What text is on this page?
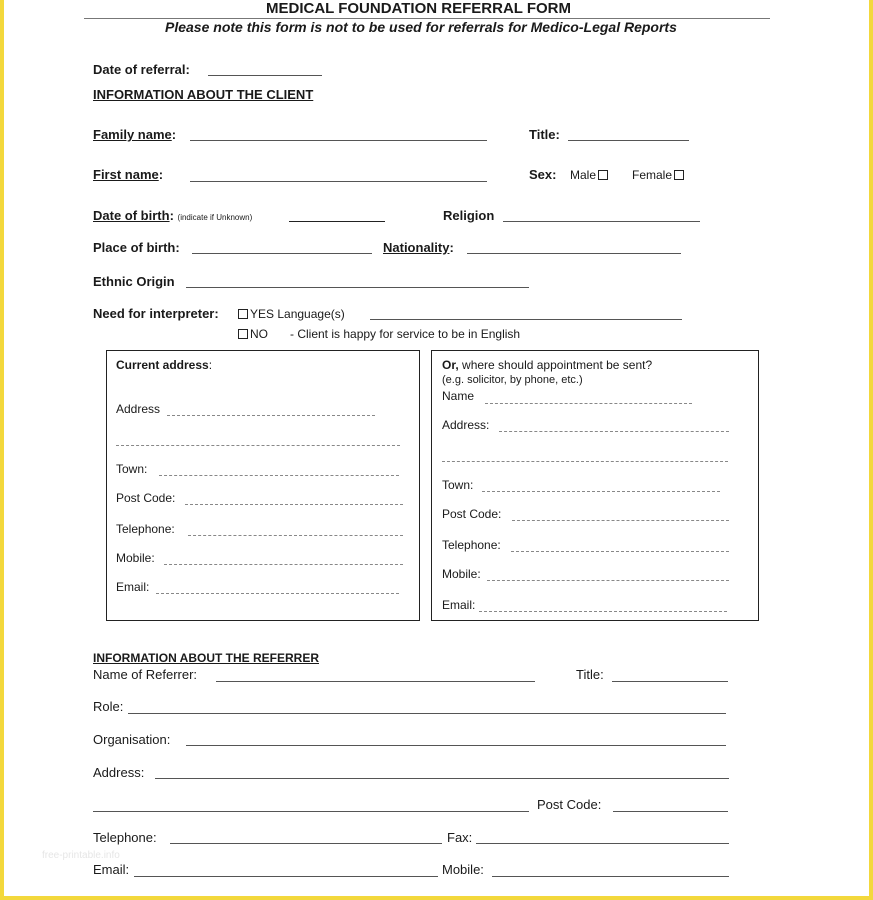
MEDICAL FOUNDATION REFERRAL FORM
Please note this form is not to be used for referrals for Medico-Legal Reports
Date of referral:
INFORMATION ABOUT THE CLIENT
Family name:	Title:
First name:	Sex: Male	Female
Date of birth: (indicate if Unknown)	Religion
Place of birth:	Nationality:
Ethnic Origin
Need for interpreter:	YES Language(s)
NO - Client is happy for service to be in English
Current address:
Address
Town:
Post Code:
Telephone:
Mobile:
Email:
Or, where should appointment be sent?
(e.g. solicitor, by phone, etc.)
Name
Address:
Town:
Post Code:
Telephone:
Mobile:
Email:
INFORMATION ABOUT THE REFERRER
Name of Referrer:	Title:
Role:
Organisation:
Address:
Post Code:
Telephone:	Fax:
Email:	Mobile:
free-printable.info
